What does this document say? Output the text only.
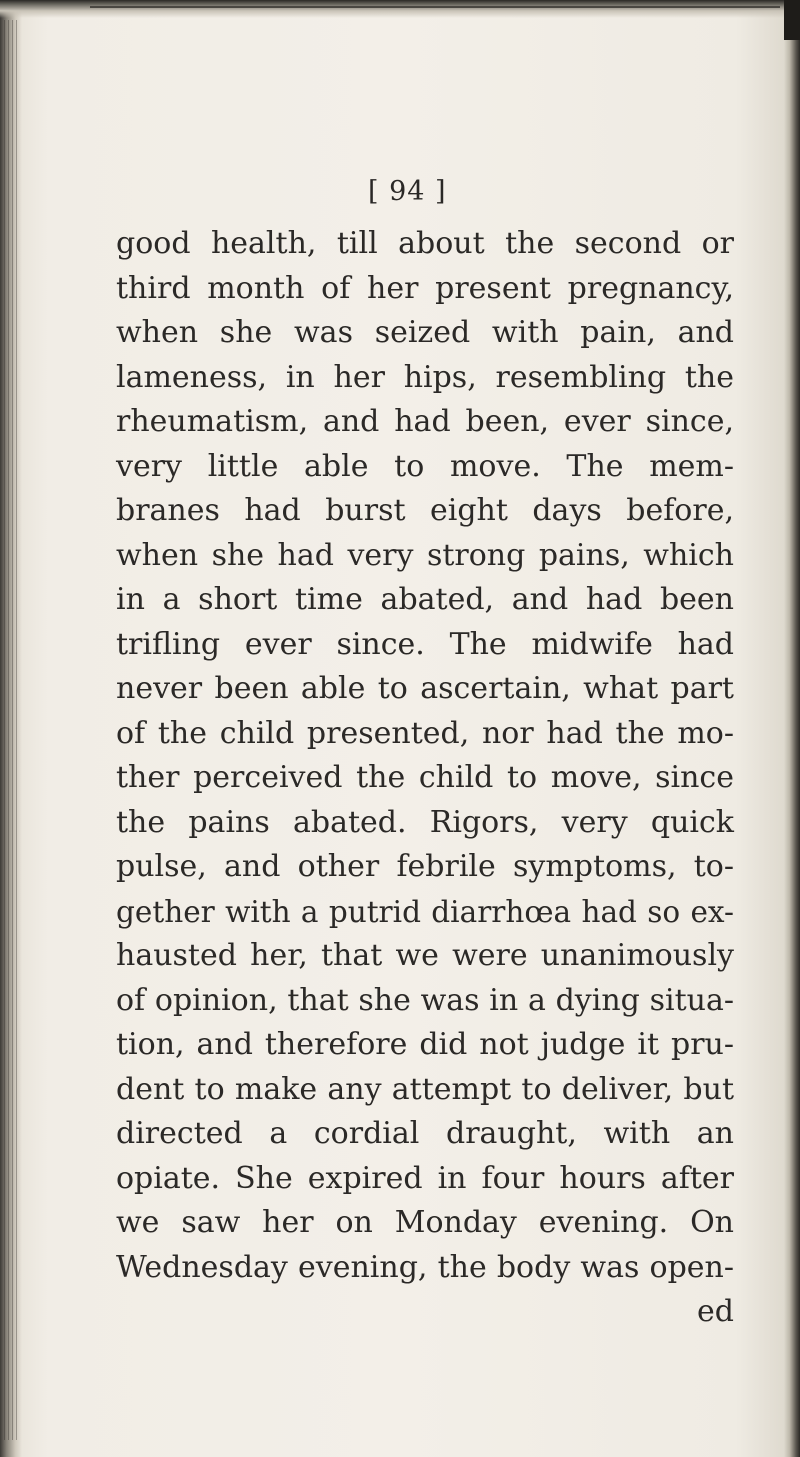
[ 94 ]
good health, till about the second or
third month of her present pregnancy,
when she was seized with pain, and
lameness, in her hips, resembling the
rheumatism, and had been, ever since,
very little able to move. The mem-
branes had burst eight days before,
when she had very strong pains, which
in a short time abated, and had been
trifling ever since. The midwife had
never been able to ascertain, what part
of the child presented, nor had the mo-
ther perceived the child to move, since
the pains abated. Rigors, very quick
pulse, and other febrile symptoms, to-
gether with a putrid diarrhœa had so ex-
hausted her, that we were unanimously
of opinion, that she was in a dying situa-
tion, and therefore did not judge it pru-
dent to make any attempt to deliver, but
directed a cordial draught, with an
opiate. She expired in four hours after
we saw her on Monday evening. On
Wednesday evening, the body was open-
ed
